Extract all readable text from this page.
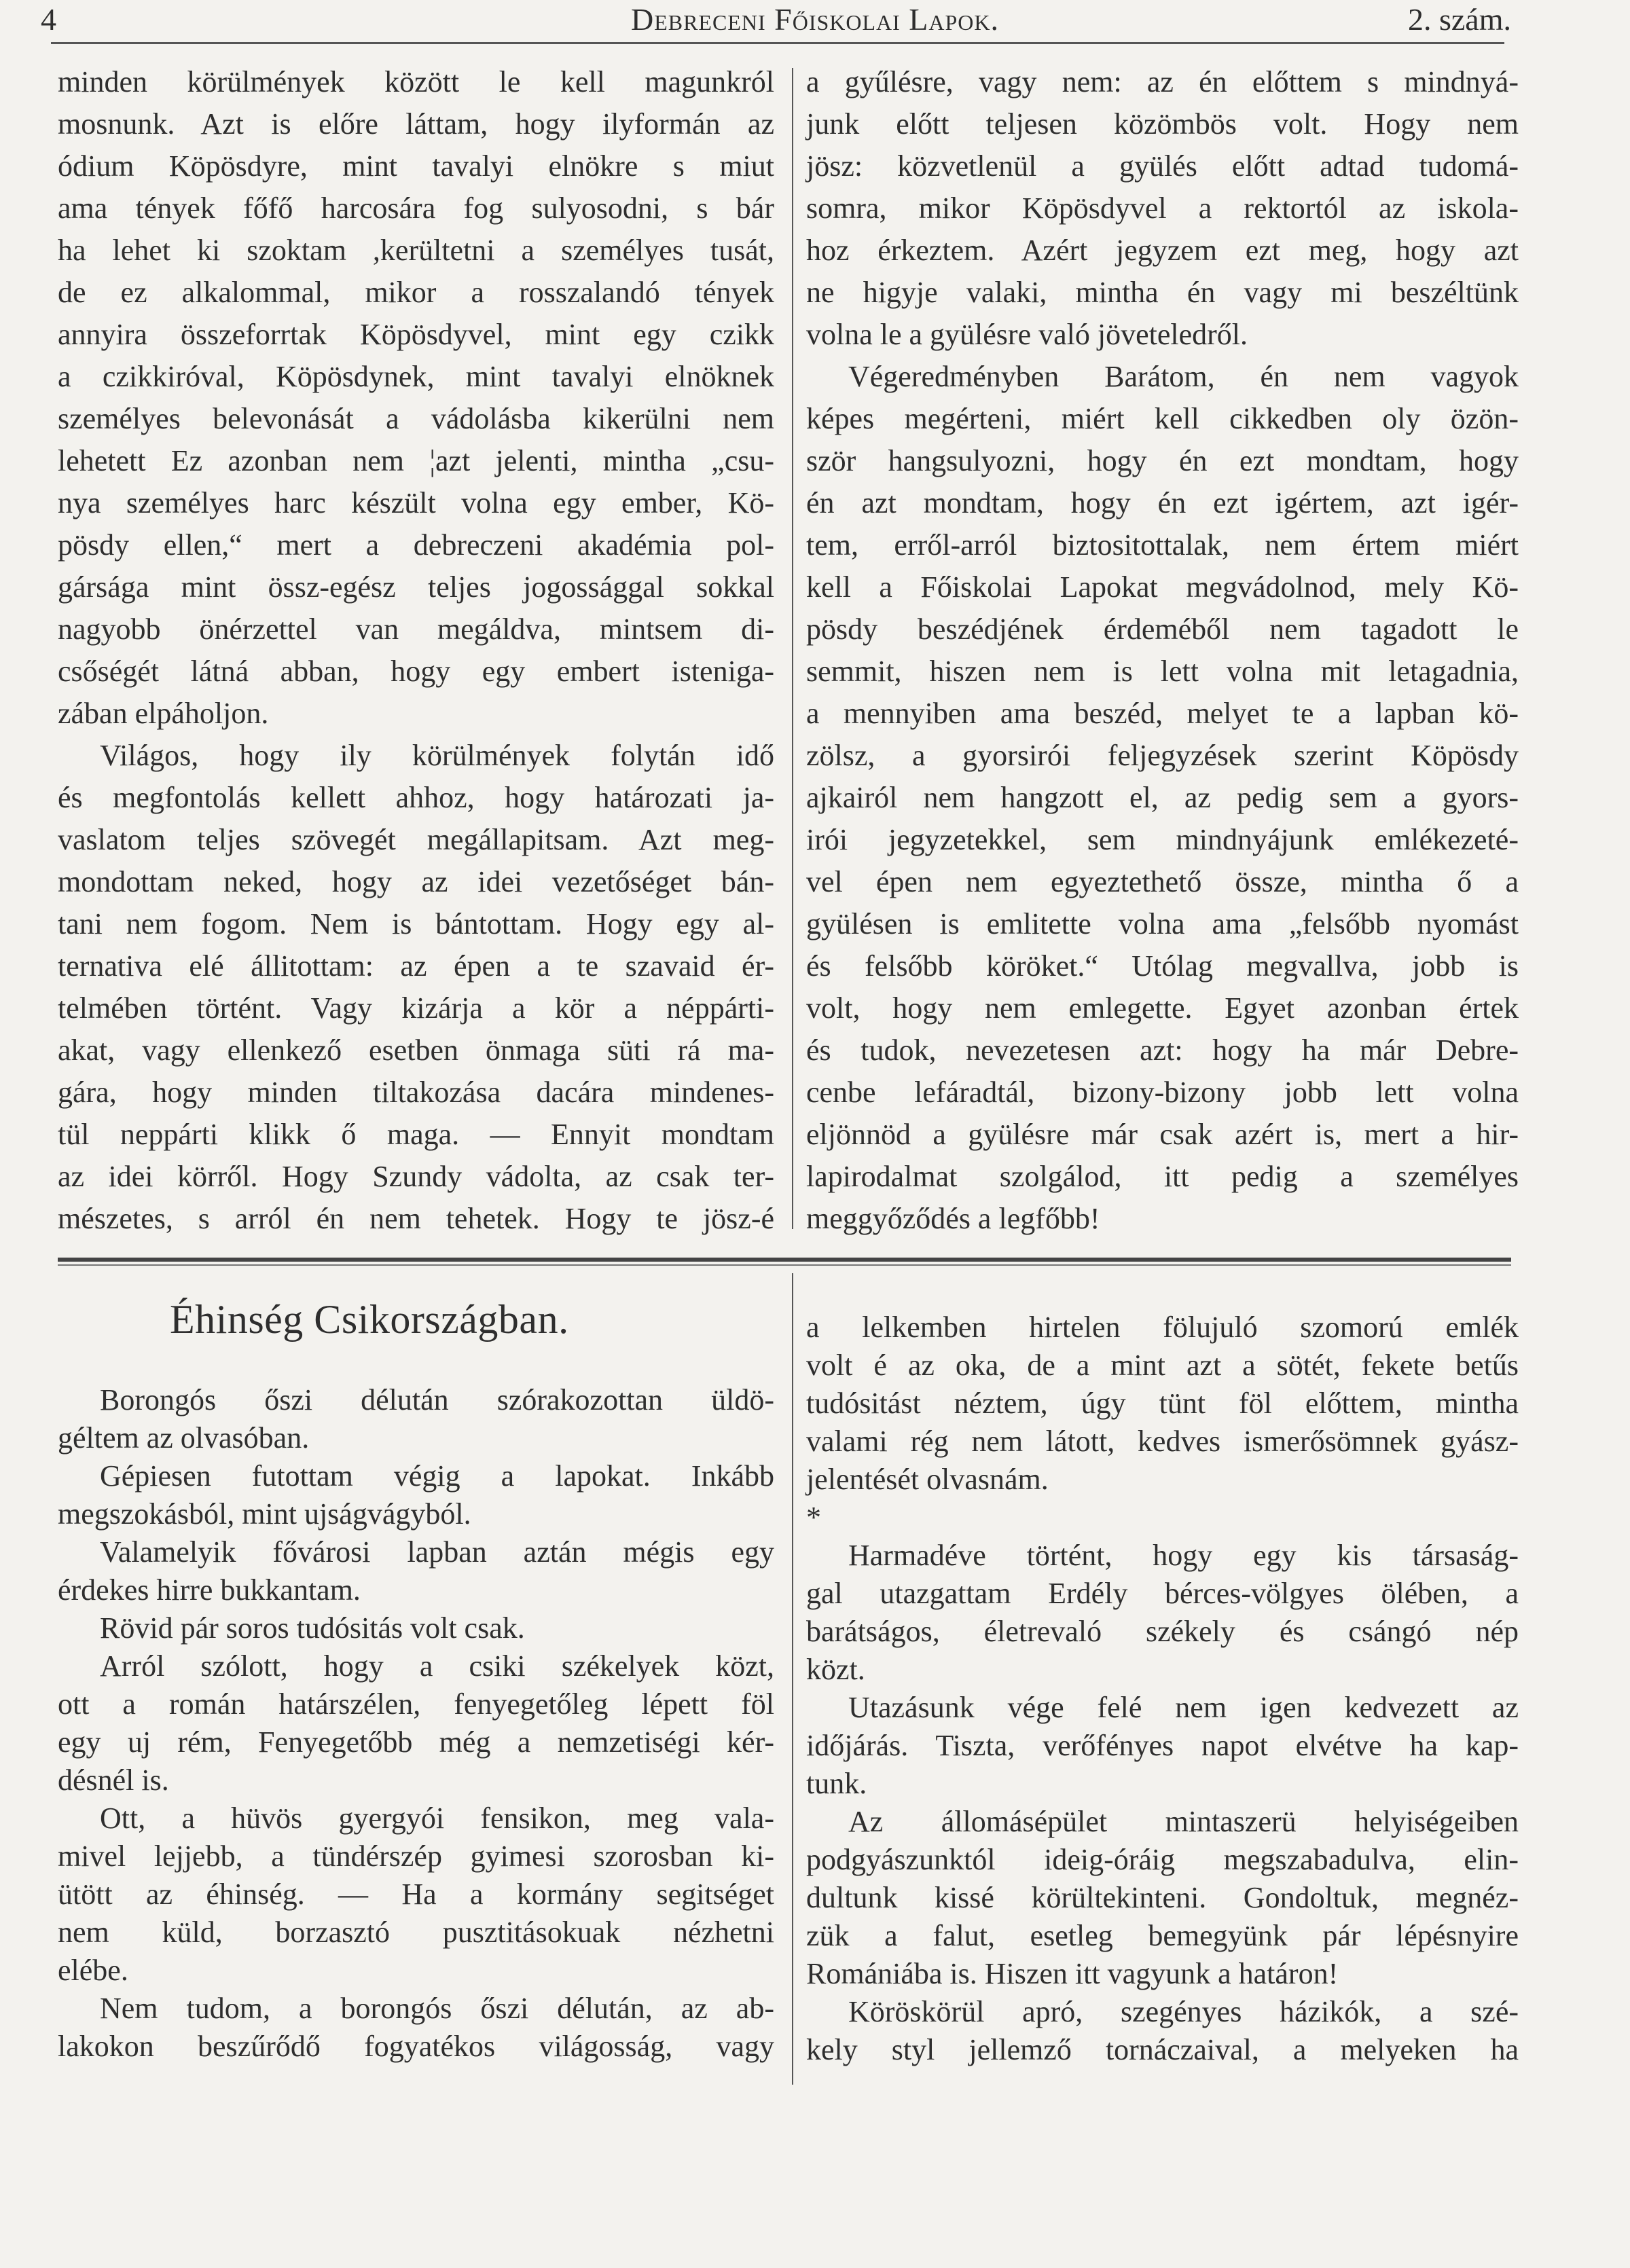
4	Debreceni Főiskolai Lapok.	2. szám.
minden körülmények között le kell magunkról
mosnunk. Azt is előre láttam, hogy ilyformán az
ódium Köpösdyre, mint tavalyi elnökre s miut
ama tények főfő harcosára fog sulyosodni, s bár
ha lehet ki szoktam ,kerültetni a személyes tusát,
de ez alkalommal, mikor a rosszalandó tények
annyira összeforrtak Köpösdyvel, mint egy czikk
a czikkiróval, Köpösdynek, mint tavalyi elnöknek
személyes belevonását a vádolásba kikerülni nem
lehetett Ez azonban nem ¦azt jelenti, mintha „csu-
nya személyes harc készült volna egy ember, Kö-
pösdy ellen,“ mert a debreczeni akadémia pol-
gársága mint össz-egész teljes jogossággal sokkal
nagyobb önérzettel van megáldva, mintsem di-
csőségét látná abban, hogy egy embert isteniga-
zában elpáholjon.
Világos, hogy ily körülmények folytán idő
és megfontolás kellett ahhoz, hogy határozati ja-
vaslatom teljes szövegét megállapitsam. Azt meg-
mondottam neked, hogy az idei vezetőséget bán-
tani nem fogom. Nem is bántottam. Hogy egy al-
ternativa elé állitottam: az épen a te szavaid ér-
telmében történt. Vagy kizárja a kör a néppárti-
akat, vagy ellenkező esetben önmaga süti rá ma-
gára, hogy minden tiltakozása dacára mindenes-
tül neppárti klikk ő maga. — Ennyit mondtam
az idei körről. Hogy Szundy vádolta, az csak ter-
mészetes, s arról én nem tehetek. Hogy te jösz-é
a gyűlésre, vagy nem: az én előttem s mindnyá-
junk előtt teljesen közömbös volt. Hogy nem
jösz: közvetlenül a gyülés előtt adtad tudomá-
somra, mikor Köpösdyvel a rektortól az iskola-
hoz érkeztem. Azért jegyzem ezt meg, hogy azt
ne higyje valaki, mintha én vagy mi beszéltünk
volna le a gyülésre való jöveteledről.
Végeredményben Barátom, én nem vagyok
képes megérteni, miért kell cikkedben oly özön-
ször hangsulyozni, hogy én ezt mondtam, hogy
én azt mondtam, hogy én ezt igértem, azt igér-
tem, erről-arról biztositottalak, nem értem miért
kell a Főiskolai Lapokat megvádolnod, mely Kö-
pösdy beszédjének érdeméből nem tagadott le
semmit, hiszen nem is lett volna mit letagadnia,
a mennyiben ama beszéd, melyet te a lapban kö-
zölsz, a gyorsirói feljegyzések szerint Köpösdy
ajkairól nem hangzott el, az pedig sem a gyors-
irói jegyzetekkel, sem mindnyájunk emlékezeté-
vel épen nem egyeztethető össze, mintha ő a
gyülésen is emlitette volna ama „felsőbb nyomást
és felsőbb köröket.“ Utólag megvallva, jobb is
volt, hogy nem emlegette. Egyet azonban értek
és tudok, nevezetesen azt: hogy ha már Debre-
cenbe lefáradtál, bizony-bizony jobb lett volna
eljönnöd a gyülésre már csak azért is, mert a hir-
lapirodalmat szolgálod, itt pedig a személyes
meggyőződés a legfőbb!
Éhinség Csikországban.
Borongós őszi délután szórakozottan üldö-
géltem az olvasóban.
Gépiesen futottam végig a lapokat. Inkább
megszokásból, mint ujságvágyból.
Valamelyik fővárosi lapban aztán mégis egy
érdekes hirre bukkantam.
Rövid pár soros tudósitás volt csak.
Arról szólott, hogy a csiki székelyek közt,
ott a román határszélen, fenyegetőleg lépett föl
egy uj rém, Fenyegetőbb még a nemzetiségi kér-
désnél is.
Ott, a hüvös gyergyói fensikon, meg vala-
mivel lejjebb, a tündérszép gyimesi szorosban ki-
ütött az éhinség. — Ha a kormány segitséget
nem küld, borzasztó pusztitásokuak nézhetni
elébe.
Nem tudom, a borongós őszi délután, az ab-
lakokon beszűrődő fogyatékos világosság, vagy
a lelkemben hirtelen fölujuló szomorú emlék
volt é az oka, de a mint azt a sötét, fekete betűs
tudósitást néztem, úgy tünt föl előttem, mintha
valami rég nem látott, kedves ismerősömnek gyász-
jelentését olvasnám.
*
Harmadéve történt, hogy egy kis társaság-
gal utazgattam Erdély bérces-völgyes ölében, a
barátságos, életrevaló székely és csángó nép
közt.
Utazásunk vége felé nem igen kedvezett az
időjárás. Tiszta, verőfényes napot elvétve ha kap-
tunk.
Az állomásépület mintaszerü helyiségeiben
podgyászunktól ideig-óráig megszabadulva, elin-
dultunk kissé körültekinteni. Gondoltuk, megnéz-
zük a falut, esetleg bemegyünk pár lépésnyire
Romániába is. Hiszen itt vagyunk a határon!
Köröskörül apró, szegényes házikók, a szé-
kely styl jellemző tornáczaival, a melyeken ha
